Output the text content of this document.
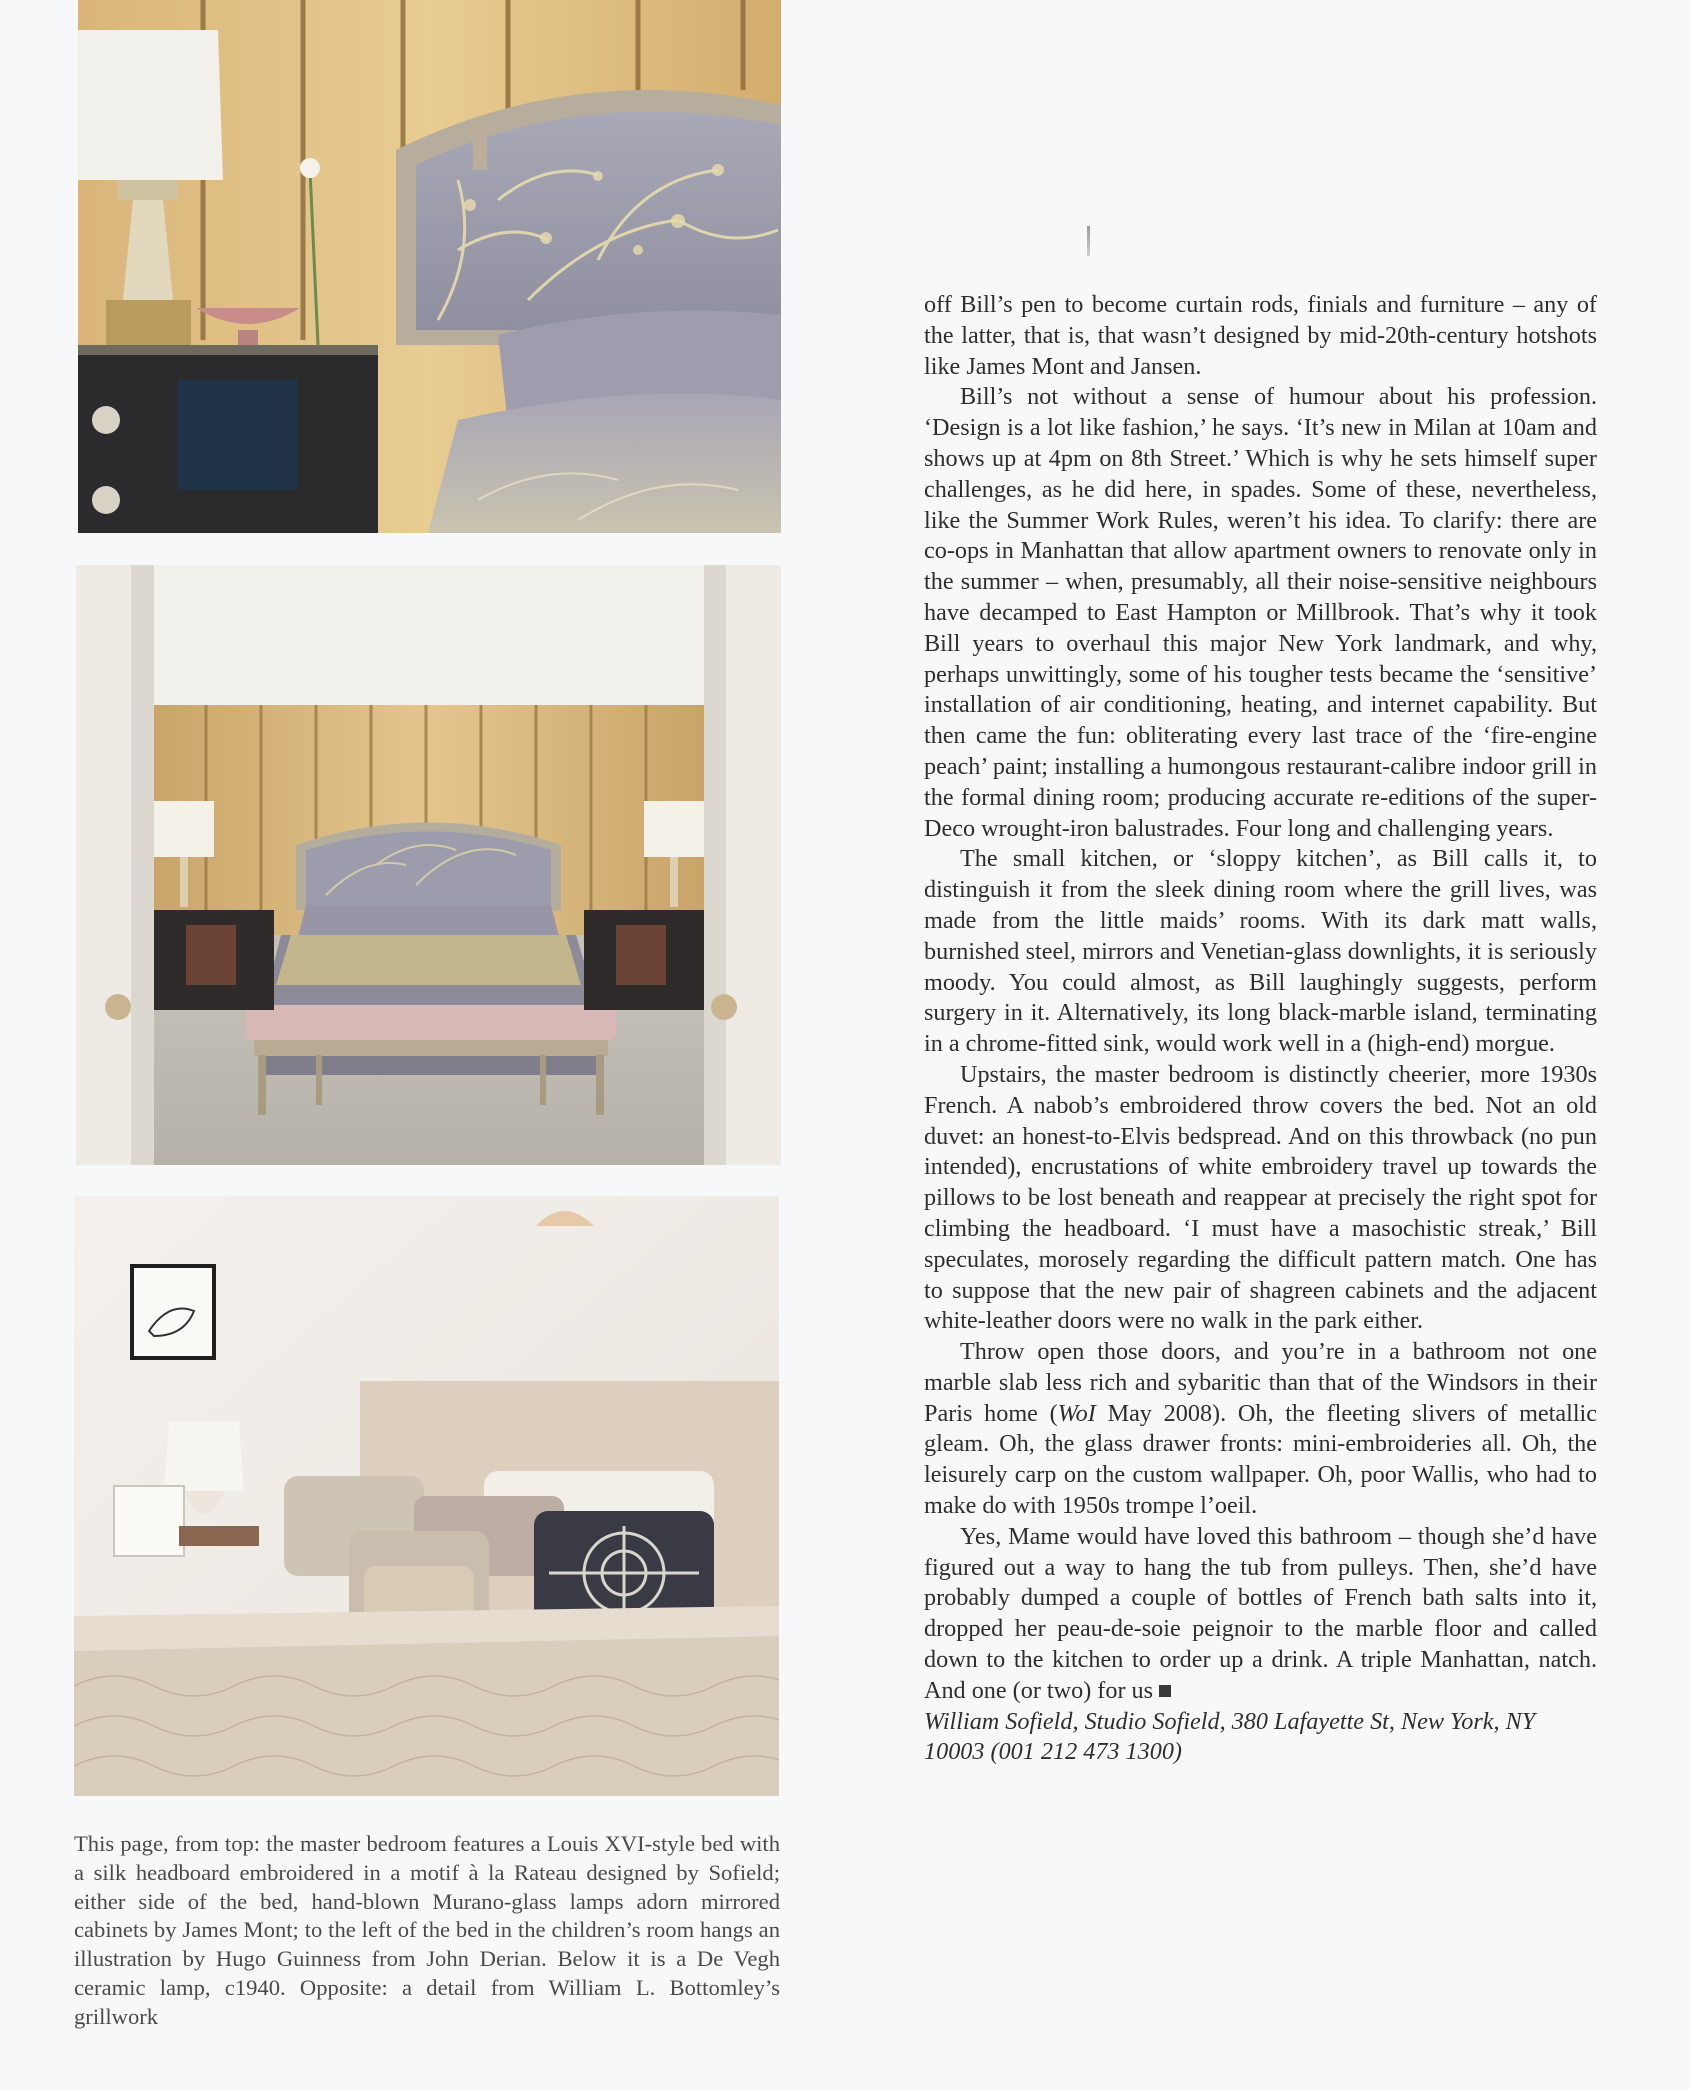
This page, from top: the master bedroom features a Louis XVI-style bed with a silk headboard embroidered in a motif à la Rateau designed by Sofield; either side of the bed, hand-blown Murano-glass lamps adorn mirrored cabinets by James Mont; to the left of the bed in the children’s room hangs an illustration by Hugo Guinness from John Derian. Below it is a De Vegh ceramic lamp, c1940. Opposite: a detail from William L. Bottomley’s grillwork

off Bill’s pen to become curtain rods, finials and furniture – any of the latter, that is, that wasn’t designed by mid-20th-century hotshots like James Mont and Jansen.

Bill’s not without a sense of humour about his profession. ‘Design is a lot like fashion,’ he says. ‘It’s new in Milan at 10am and shows up at 4pm on 8th Street.’ Which is why he sets himself super challenges, as he did here, in spades. Some of these, nevertheless, like the Summer Work Rules, weren’t his idea. To clarify: there are co-ops in Manhattan that allow apartment owners to renovate only in the summer – when, presumably, all their noise-sensitive neighbours have decamped to East Hampton or Millbrook. That’s why it took Bill years to overhaul this major New York landmark, and why, perhaps unwittingly, some of his tougher tests became the ‘sensitive’ installation of air conditioning, heating, and internet capability. But then came the fun: obliterating every last trace of the ‘fire-engine peach’ paint; installing a humongous restaurant-calibre indoor grill in the formal dining room; producing accurate re-editions of the super-Deco wrought-iron balustrades. Four long and challenging years.

The small kitchen, or ‘sloppy kitchen’, as Bill calls it, to distinguish it from the sleek dining room where the grill lives, was made from the little maids’ rooms. With its dark matt walls, burnished steel, mirrors and Venetian-glass downlights, it is seriously moody. You could almost, as Bill laughingly suggests, perform surgery in it. Alternatively, its long black-marble island, terminating in a chrome-fitted sink, would work well in a (high-end) morgue.

Upstairs, the master bedroom is distinctly cheerier, more 1930s French. A nabob’s embroidered throw covers the bed. Not an old duvet: an honest-to-Elvis bedspread. And on this throwback (no pun intended), encrustations of white embroidery travel up towards the pillows to be lost beneath and reappear at precisely the right spot for climbing the headboard. ‘I must have a masochistic streak,’ Bill speculates, morosely regarding the difficult pattern match. One has to suppose that the new pair of shagreen cabinets and the adjacent white-leather doors were no walk in the park either.

Throw open those doors, and you’re in a bathroom not one marble slab less rich and sybaritic than that of the Windsors in their Paris home (WoI May 2008). Oh, the fleeting slivers of metallic gleam. Oh, the glass drawer fronts: mini-embroideries all. Oh, the leisurely carp on the custom wallpaper. Oh, poor Wallis, who had to make do with 1950s trompe l’oeil.

Yes, Mame would have loved this bathroom – though she’d have figured out a way to hang the tub from pulleys. Then, she’d have probably dumped a couple of bottles of French bath salts into it, dropped her peau-de-soie peignoir to the marble floor and called down to the kitchen to order up a drink. A triple Manhattan, natch. And one (or two) for us

William Sofield, Studio Sofield, 380 Lafayette St, New York, NY 10003 (001 212 473 1300)
